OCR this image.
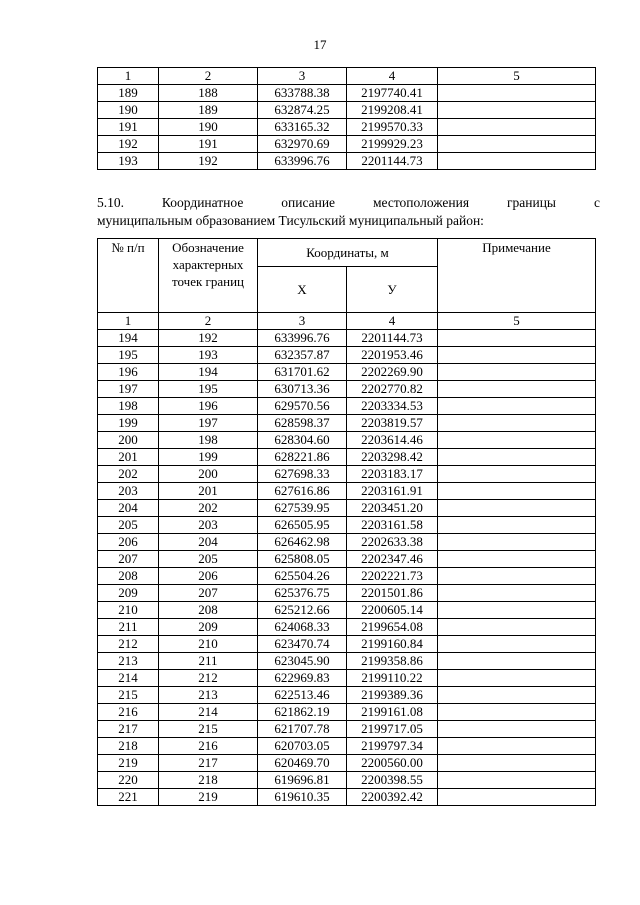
17
1	2	3	4	5
189	188	633788.38	2197740.41	
190	189	632874.25	2199208.41	
191	190	633165.32	2199570.33	
192	191	632970.69	2199929.23	
193	192	633996.76	2201144.73	
5.10.	Координатное	описание	местоположения	границы	с
муниципальным образованием Тисульский муниципальный район:
№ п/п	Обозначение характерных точек границ	Координаты, м		Примечание
		Х	У	
1	2	3	4	5
194	192	633996.76	2201144.73	
195	193	632357.87	2201953.46	
196	194	631701.62	2202269.90	
197	195	630713.36	2202770.82	
198	196	629570.56	2203334.53	
199	197	628598.37	2203819.57	
200	198	628304.60	2203614.46	
201	199	628221.86	2203298.42	
202	200	627698.33	2203183.17	
203	201	627616.86	2203161.91	
204	202	627539.95	2203451.20	
205	203	626505.95	2203161.58	
206	204	626462.98	2202633.38	
207	205	625808.05	2202347.46	
208	206	625504.26	2202221.73	
209	207	625376.75	2201501.86	
210	208	625212.66	2200605.14	
211	209	624068.33	2199654.08	
212	210	623470.74	2199160.84	
213	211	623045.90	2199358.86	
214	212	622969.83	2199110.22	
215	213	622513.46	2199389.36	
216	214	621862.19	2199161.08	
217	215	621707.78	2199717.05	
218	216	620703.05	2199797.34	
219	217	620469.70	2200560.00	
220	218	619696.81	2200398.55	
221	219	619610.35	2200392.42	
